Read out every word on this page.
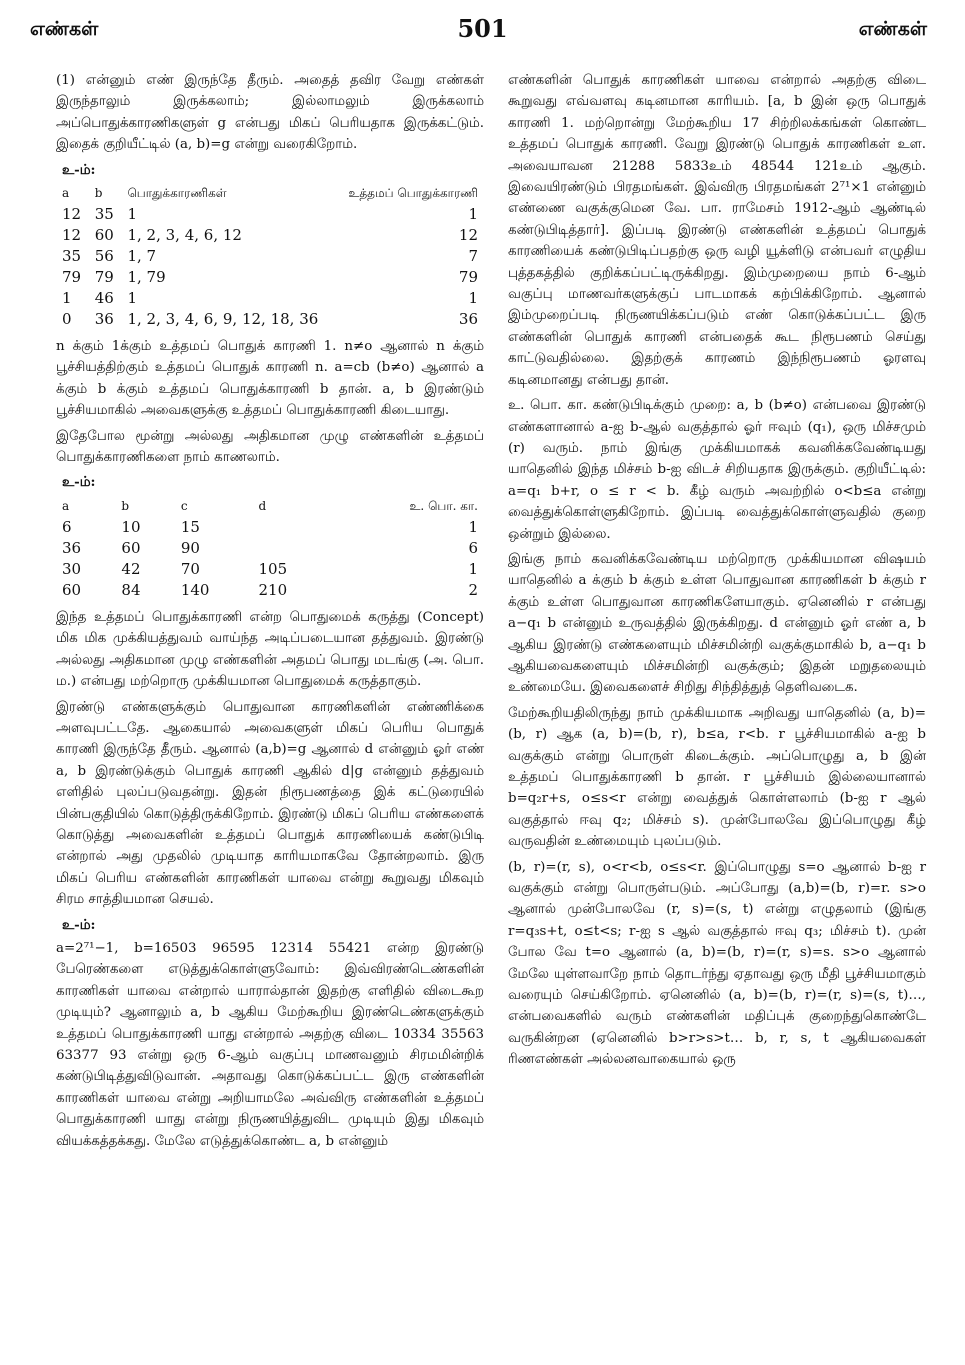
எண்கள்	501	எண்கள்

(1) என்னும் எண் இருந்தே தீரும். அதைத் தவிர வேறு எண்கள் இருந்தாலும் இருக்கலாம்; இல்லாமலும் இருக்கலாம் அப்பொதுக்காரணிகளுள் g என்பது மிகப் பெரியதாக இருக்கட்டும். இதைக் குறியீட்டில் (a, b)=g என்று வரைகிறோம்.

உ-ம்:
a	b	பொதுக்காரணிகள்	உத்தமப் பொதுக்காரணி
12	35	1	1
12	60	1, 2, 3, 4, 6, 12	12
35	56	1, 7	7
79	79	1, 79	79
1	46	1	1
0	36	1, 2, 3, 4, 6, 9, 12, 18, 36	36

n க்கும் 1க்கும் உத்தமப் பொதுக் காரணி 1. n≠o ஆனால் n க்கும் பூச்சியத்திற்கும் உத்தமப் பொதுக் காரணி n. a=cb (b≠o) ஆனால் a க்கும் b க்கும் உத்தமப் பொதுக்காரணி b தான். a, b இரண்டும் பூச்சியமாகில் அவைகளுக்கு உத்தமப் பொதுக்காரணி கிடையாது.

இதேபோல மூன்று அல்லது அதிகமான முழு எண்களின் உத்தமப் பொதுக்காரணிகளை நாம் காணலாம்.

உ-ம்:
a	b	c	d	உ. பொ. கா.
6	10	15		1
36	60	90		6
30	42	70	105	1
60	84	140	210	2

இந்த உத்தமப் பொதுக்காரணி என்ற பொதுமைக் கருத்து (Concept) மிக மிக முக்கியத்துவம் வாய்ந்த அடிப்படையான தத்துவம். இரண்டு அல்லது அதிகமான முழு எண்களின் அதமப் பொது மடங்கு (அ. பொ. ம.) என்பது மற்றொரு முக்கியமான பொதுமைக் கருத்தாகும்.

இரண்டு எண்களுக்கும் பொதுவான காரணிகளின் எண்ணிக்கை அளவுபட்டதே. ஆகையால் அவைகளுள் மிகப் பெரிய பொதுக் காரணி இருந்தே தீரும். ஆனால் (a,b)=g ஆனால் d என்னும் ஓர் எண் a, b இரண்டுக்கும் பொதுக் காரணி ஆகில் d|g என்னும் தத்துவம் எளிதில் புலப்படுவதன்று. இதன் நிரூபணத்தை இக் கட்டுரையில் பின்பகுதியில் கொடுத்திருக்கிறோம். இரண்டு மிகப் பெரிய எண்களைக் கொடுத்து அவைகளின் உத்தமப் பொதுக் காரணியைக் கண்டுபிடி என்றால் அது முதலில் முடியாத காரியமாகவே தோன்றலாம். இரு மிகப் பெரிய எண்களின் காரணிகள் யாவை என்று கூறுவது மிகவும் சிரம சாத்தியமான செயல்.

உ-ம்:

a=2⁷¹−1, b=16503 96595 12314 55421 என்ற இரண்டு பேரெண்களை எடுத்துக்கொள்ளுவோம்: இவ்விரண்டெண்களின் காரணிகள் யாவை என்றால் யாரால்தான் இதற்கு எளிதில் விடைகூற முடியும்? ஆனாலும் a, b ஆகிய மேற்கூறிய இரண்டெண்களுக்கும் உத்தமப் பொதுக்காரணி யாது என்றால் அதற்கு விடை 10334 35563 63377 93 என்று ஒரு 6-ஆம் வகுப்பு மாணவனும் சிரமமின்றிக் கண்டுபிடித்துவிடுவான். அதாவது கொடுக்கப்பட்ட இரு எண்களின் காரணிகள் யாவை என்று அறியாமலே அவ்விரு எண்களின் உத்தமப் பொதுக்காரணி யாது என்று நிருணயித்துவிட முடியும் இது மிகவும் வியக்கத்தக்கது. மேலே எடுத்துக்கொண்ட a, b என்னும்

எண்களின் பொதுக் காரணிகள் யாவை என்றால் அதற்கு விடை கூறுவது எவ்வளவு கடினமான காரியம். [a, b இன் ஒரு பொதுக் காரணி 1. மற்றொன்று மேற்கூறிய 17 சிற்றிலக்கங்கள் கொண்ட உத்தமப் பொதுக் காரணி. வேறு இரண்டு பொதுக் காரணிகள் உள. அவையாவன 21288 5833உம் 48544 121உம் ஆகும். இவையிரண்டும் பிரதமங்கள். இவ்விரு பிரதமங்கள் 2⁷¹×1 என்னும் எண்ணை வகுக்குமென வே. பா. ராமேசம் 1912-ஆம் ஆண்டில் கண்டுபிடித்தார்]. இப்படி இரண்டு எண்களின் உத்தமப் பொதுக் காரணியைக் கண்டுபிடிப்பதற்கு ஒரு வழி யூக்ளிடு என்பவர் எழுதிய புத்தகத்தில் குறிக்கப்பட்டிருக்கிறது. இம்முறையை நாம் 6-ஆம் வகுப்பு மாணவர்களுக்குப் பாடமாகக் கற்பிக்கிறோம். ஆனால் இம்முறைப்படி நிருணயிக்கப்படும் எண் கொடுக்கப்பட்ட இரு எண்களின் பொதுக் காரணி என்பதைக் கூட நிரூபணம் செய்து காட்டுவதில்லை. இதற்குக் காரணம் இந்நிரூபணம் ஓரளவு கடினமானது என்பது தான்.

உ. பொ. கா. கண்டுபிடிக்கும் முறை: a, b (b≠o) என்பவை இரண்டு எண்களானால் a-ஐ b-ஆல் வகுத்தால் ஓர் ஈவும் (q₁), ஒரு மிச்சமும் (r) வரும். நாம் இங்கு முக்கியமாகக் கவனிக்கவேண்டியது யாதெனில் இந்த மிச்சம் b-ஐ விடச் சிறியதாக இருக்கும். குறியீட்டில்: a=q₁ b+r, o ≤ r < b. கீழ் வரும் அவற்றில் o<b≤a என்று வைத்துக்கொள்ளுகிறோம். இப்படி வைத்துக்கொள்ளுவதில் குறை ஒன்றும் இல்லை.

இங்கு நாம் கவனிக்கவேண்டிய மற்றொரு முக்கியமான விஷயம் யாதெனில் a க்கும் b க்கும் உள்ள பொதுவான காரணிகள் b க்கும் r க்கும் உள்ள பொதுவான காரணிகளேயாகும். ஏனெனில் r என்பது a−q₁ b என்னும் உருவத்தில் இருக்கிறது. d என்னும் ஓர் எண் a, b ஆகிய இரண்டு எண்களையும் மிச்சமின்றி வகுக்குமாகில் b, a−q₁ b ஆகியவைகளையும் மிச்சமின்றி வகுக்கும்; இதன் மறுதலையும் உண்மையே. இவைகளைச் சிறிது சிந்தித்துத் தெளிவடைக.

மேற்கூறியதிலிருந்து நாம் முக்கியமாக அறிவது யாதெனில் (a, b)=(b, r) ஆக (a, b)=(b, r), b≤a, r<b. r பூச்சியமாகில் a-ஐ b வகுக்கும் என்று பொருள் கிடைக்கும். அப்பொழுது a, b இன் உத்தமப் பொதுக்காரணி b தான். r பூச்சியம் இல்லையானால் b=q₂r+s, o≤s<r என்று வைத்துக் கொள்ளலாம் (b-ஐ r ஆல் வகுத்தால் ஈவு q₂; மிச்சம் s). முன்போலவே இப்பொழுது கீழ் வருவதின் உண்மையும் புலப்படும்.

(b, r)=(r, s), o<r<b, o≤s<r. இப்பொழுது s=o ஆனால் b-ஐ r வகுக்கும் என்று பொருள்படும். அப்போது (a,b)=(b, r)=r. s>o ஆனால் முன்போலவே (r, s)=(s, t) என்று எழுதலாம் (இங்கு r=q₃s+t, o≤t<s; r-ஐ s ஆல் வகுத்தால் ஈவு q₃; மிச்சம் t). முன் போல வே t=o ஆனால் (a, b)=(b, r)=(r, s)=s. s>o ஆனால் மேலே யுள்ளவாறே நாம் தொடர்ந்து ஏதாவது ஒரு மீதி பூச்சியமாகும் வரையும் செய்கிறோம். ஏனெனில் (a, b)=(b, r)=(r, s)=(s, t)…, என்பவைகளில் வரும் எண்களின் மதிப்புக் குறைந்துகொண்டே வருகின்றன (ஏனெனில் b>r>s>t… b, r, s, t ஆகியவைகள் ரிணஎண்கள் அல்லனவாகையால் ஒரு
